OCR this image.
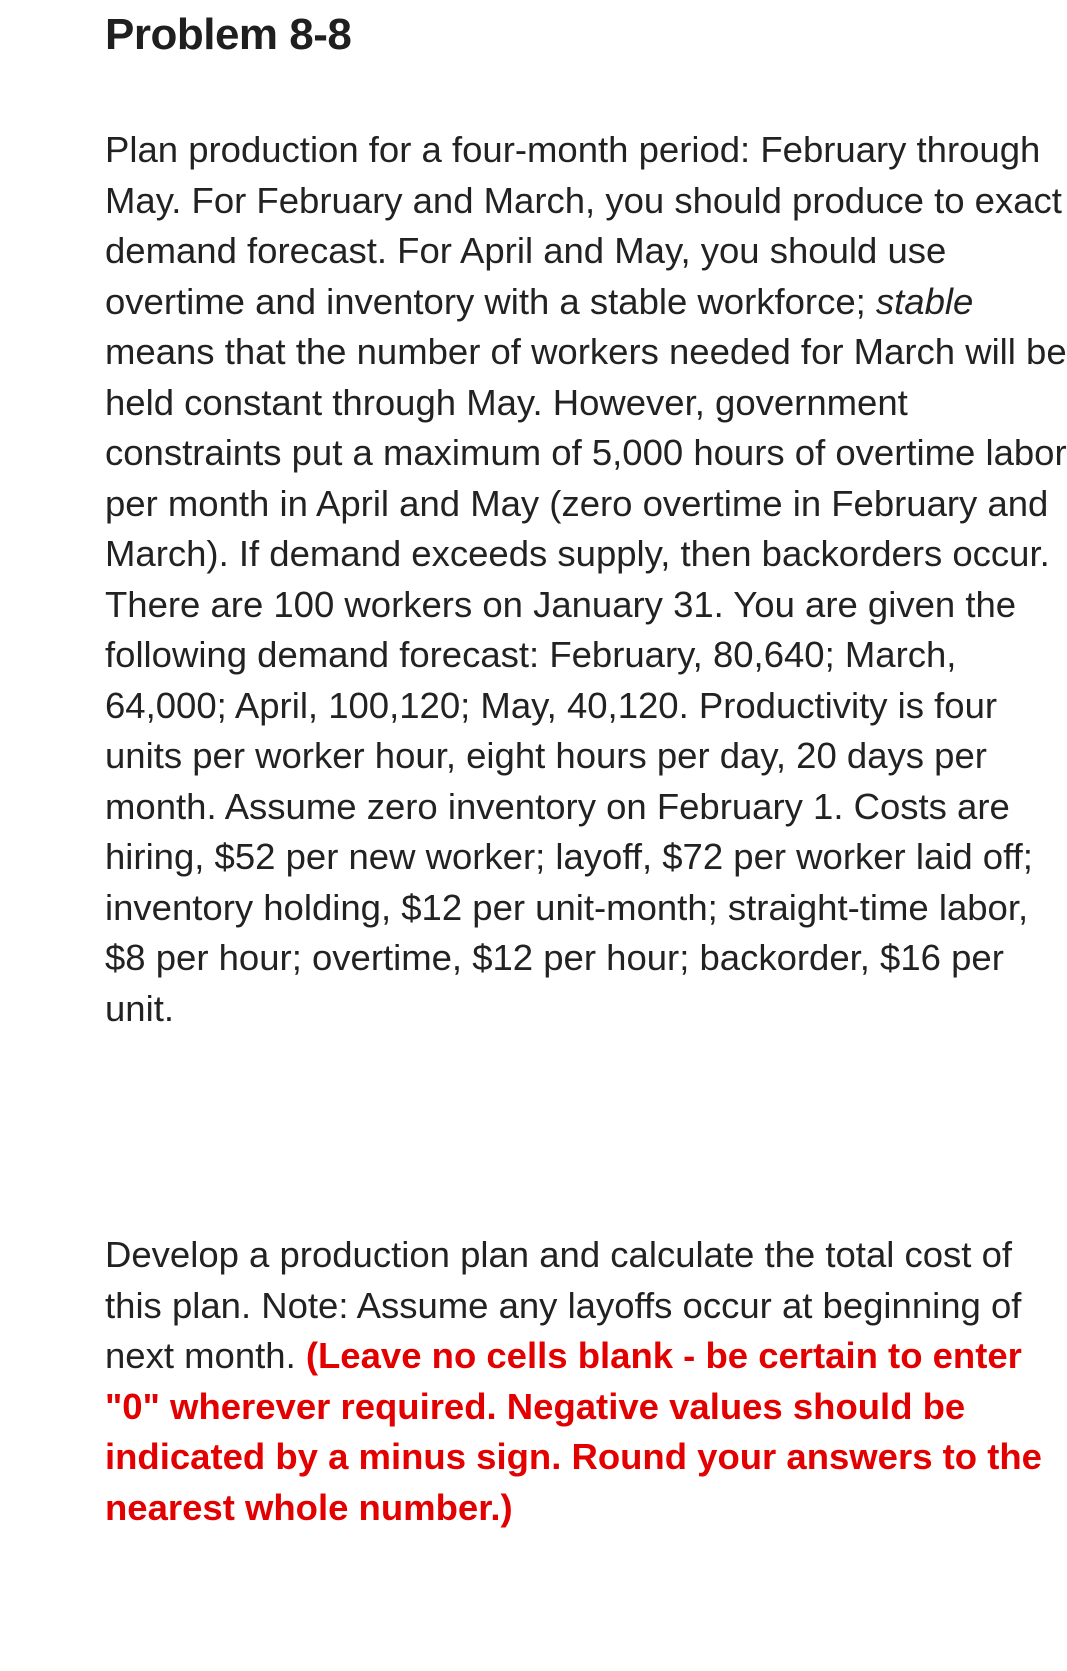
Problem 8-8

Plan production for a four-month period: February through May. For February and March, you should produce to exact demand forecast. For April and May, you should use overtime and inventory with a stable workforce; stable means that the number of workers needed for March will be held constant through May. However, government constraints put a maximum of 5,000 hours of overtime labor per month in April and May (zero overtime in February and March). If demand exceeds supply, then backorders occur. There are 100 workers on January 31. You are given the following demand forecast: February, 80,640; March, 64,000; April, 100,120; May, 40,120. Productivity is four units per worker hour, eight hours per day, 20 days per month. Assume zero inventory on February 1. Costs are hiring, $52 per new worker; layoff, $72 per worker laid off; inventory holding, $12 per unit-month; straight-time labor, $8 per hour; overtime, $12 per hour; backorder, $16 per unit.

Develop a production plan and calculate the total cost of this plan. Note: Assume any layoffs occur at beginning of next month. (Leave no cells blank - be certain to enter "0" wherever required. Negative values should be indicated by a minus sign. Round your answers to the nearest whole number.)
